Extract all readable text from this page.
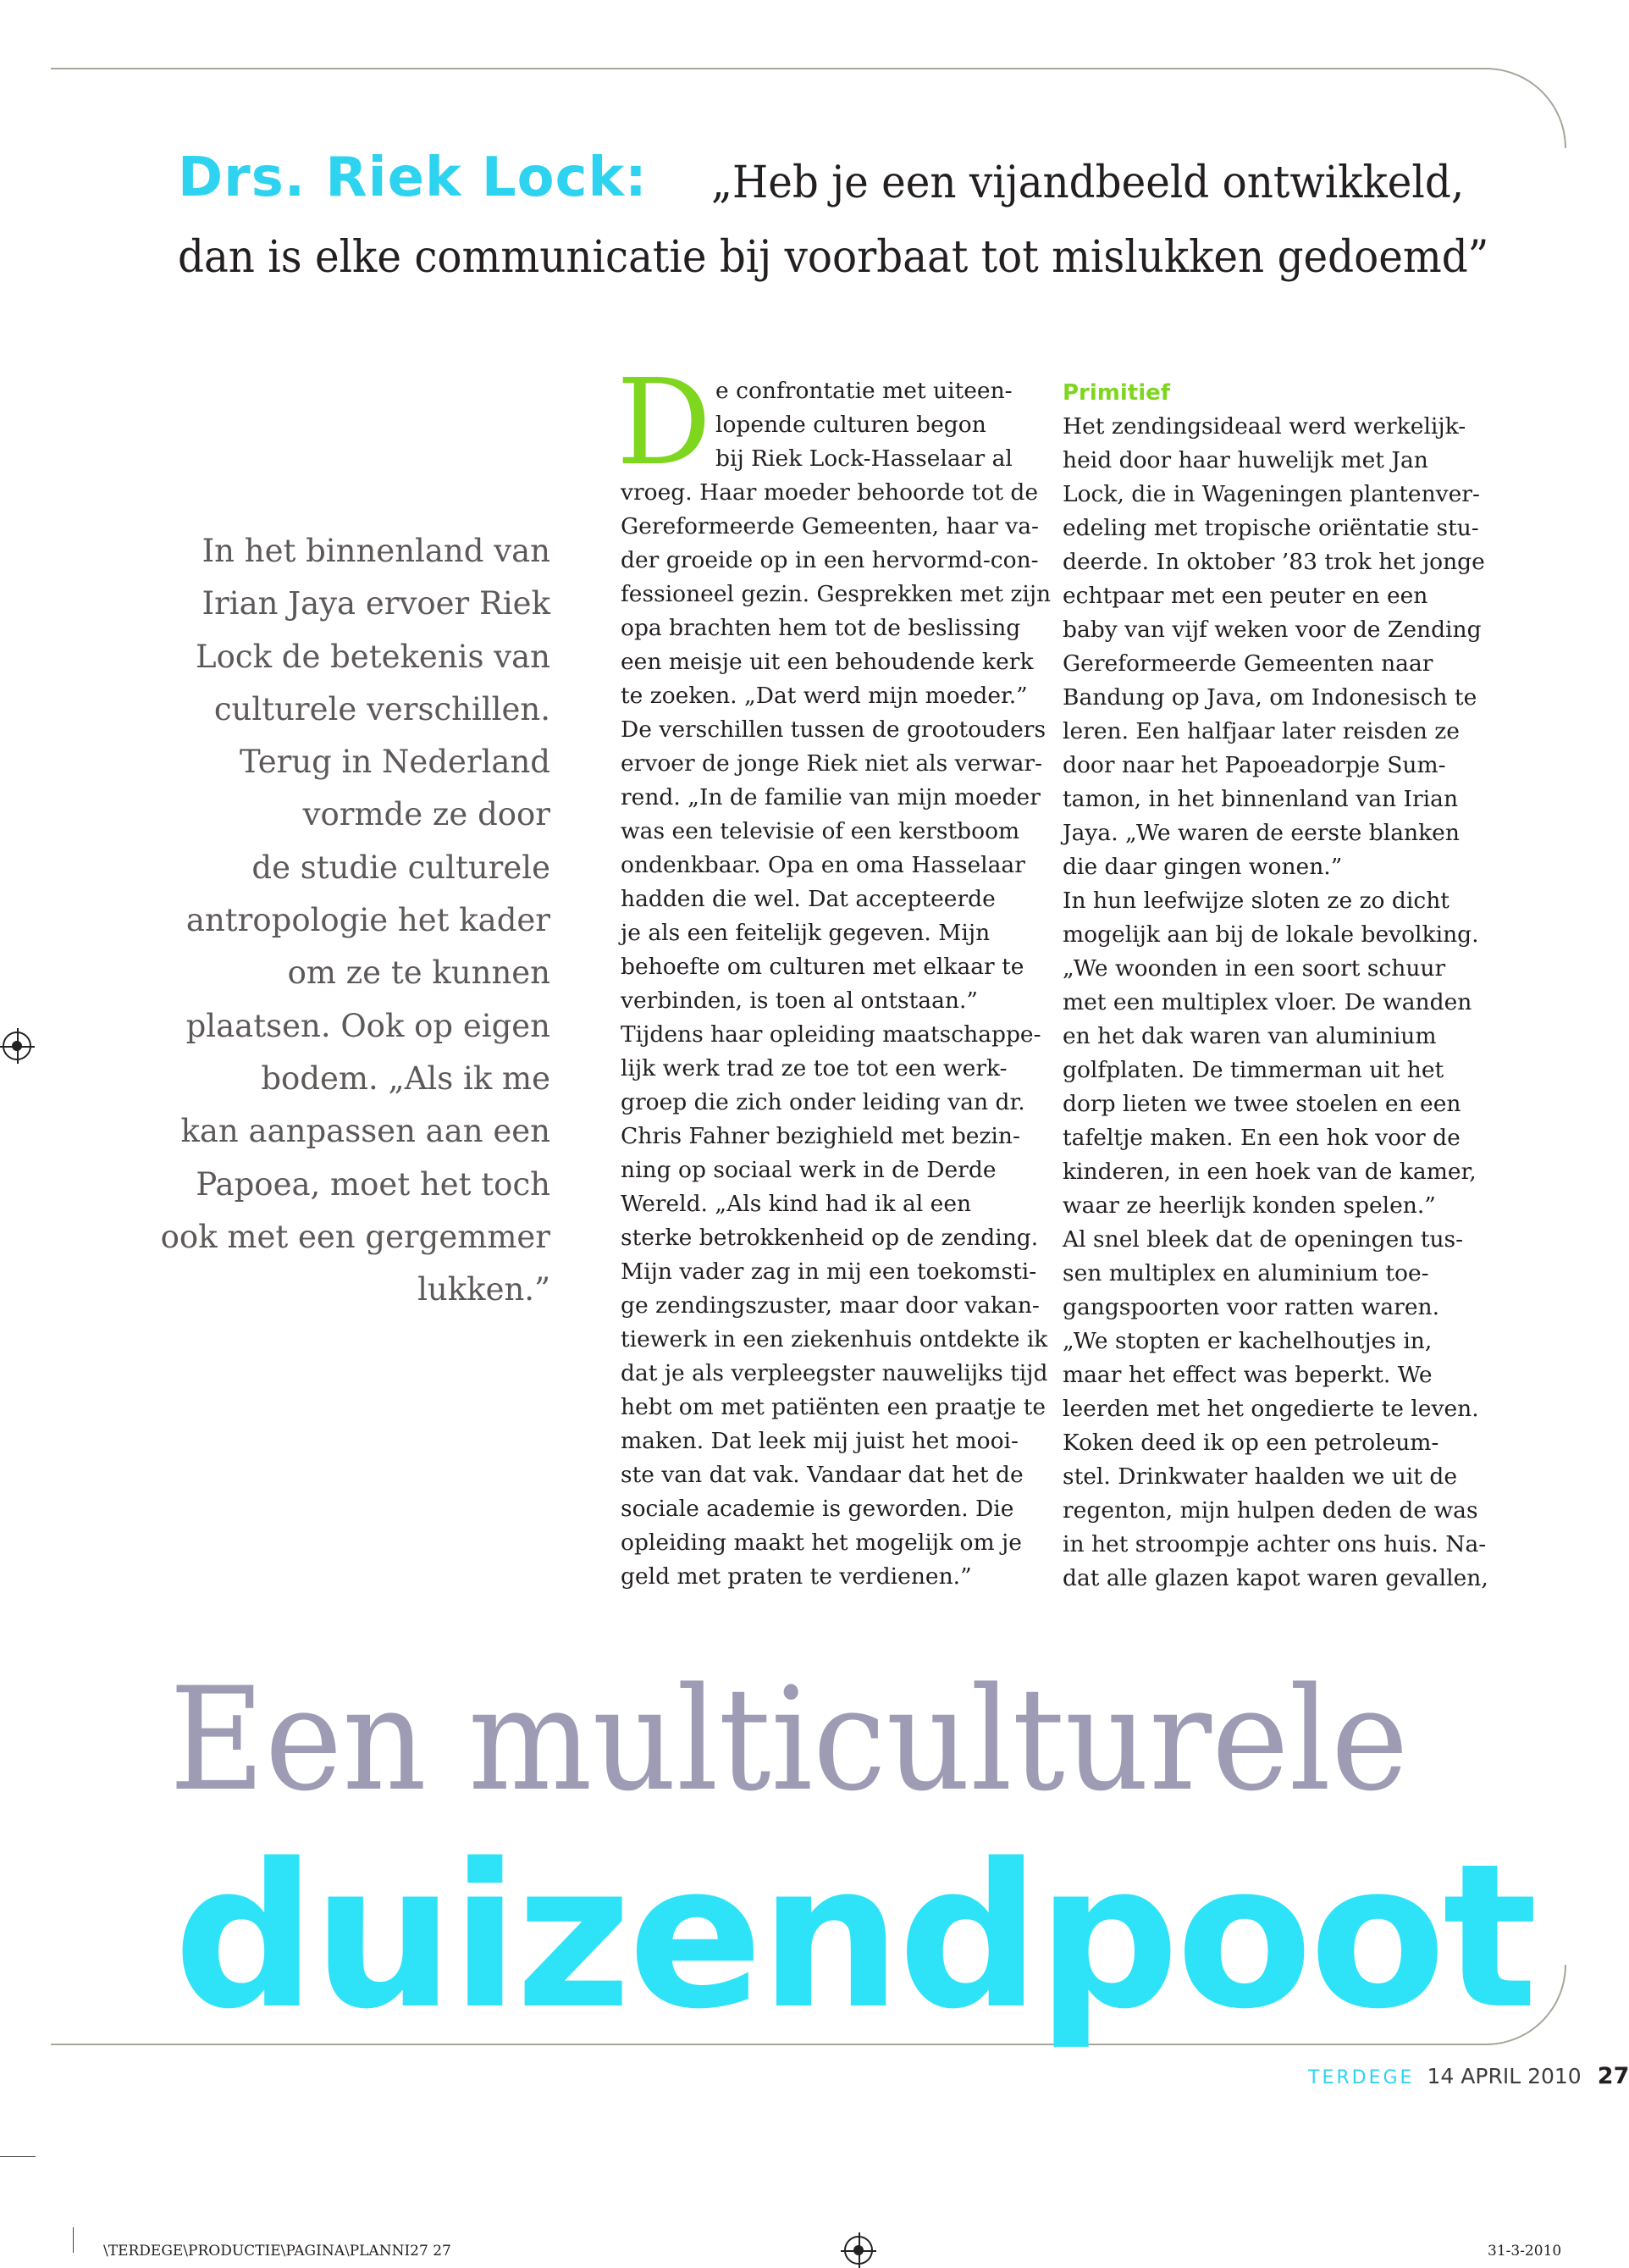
Drs. Riek Lock: „Heb je een vijandbeeld ontwikkeld,
dan is elke communicatie bij voorbaat tot mislukken gedoemd”
In het binnenland van
Irian Jaya ervoer Riek
Lock de betekenis van
culturele verschillen.
Terug in Nederland
vormde ze door
de studie culturele
antropologie het kader
om ze te kunnen
plaatsen. Ook op eigen
bodem. „Als ik me
kan aanpassen aan een
Papoea, moet het toch
ook met een gergemmer
lukken.”
D e confrontatie met uiteen-
lopende culturen begon
bij Riek Lock-Hasselaar al
vroeg. Haar moeder behoorde tot de
Gereformeerde Gemeenten, haar va-
der groeide op in een hervormd-con-
fessioneel gezin. Gesprekken met zijn
opa brachten hem tot de beslissing
een meisje uit een behoudende kerk
te zoeken. „Dat werd mijn moeder.”
De verschillen tussen de grootouders
ervoer de jonge Riek niet als verwar-
rend. „In de familie van mijn moeder
was een televisie of een kerstboom
ondenkbaar. Opa en oma Hasselaar
hadden die wel. Dat accepteerde
je als een feitelijk gegeven. Mijn
behoefte om culturen met elkaar te
verbinden, is toen al ontstaan.”
Tijdens haar opleiding maatschappe-
lijk werk trad ze toe tot een werk-
groep die zich onder leiding van dr.
Chris Fahner bezighield met bezin-
ning op sociaal werk in de Derde
Wereld. „Als kind had ik al een
sterke betrokkenheid op de zending.
Mijn vader zag in mij een toekomsti-
ge zendingszuster, maar door vakan-
tiewerk in een ziekenhuis ontdekte ik
dat je als verpleegster nauwelijks tijd
hebt om met patiënten een praatje te
maken. Dat leek mij juist het mooi-
ste van dat vak. Vandaar dat het de
sociale academie is geworden. Die
opleiding maakt het mogelijk om je
geld met praten te verdienen.”
Primitief
Het zendingsideaal werd werkelijk-
heid door haar huwelijk met Jan
Lock, die in Wageningen plantenver-
edeling met tropische oriëntatie stu-
deerde. In oktober ’83 trok het jonge
echtpaar met een peuter en een
baby van vijf weken voor de Zending
Gereformeerde Gemeenten naar
Bandung op Java, om Indonesisch te
leren. Een halfjaar later reisden ze
door naar het Papoeadorpje Sum-
tamon, in het binnenland van Irian
Jaya. „We waren de eerste blanken
die daar gingen wonen.”
In hun leefwijze sloten ze zo dicht
mogelijk aan bij de lokale bevolking.
„We woonden in een soort schuur
met een multiplex vloer. De wanden
en het dak waren van aluminium
golfplaten. De timmerman uit het
dorp lieten we twee stoelen en een
tafeltje maken. En een hok voor de
kinderen, in een hoek van de kamer,
waar ze heerlijk konden spelen.”
Al snel bleek dat de openingen tus-
sen multiplex en aluminium toe-
gangspoorten voor ratten waren.
„We stopten er kachelhoutjes in,
maar het effect was beperkt. We
leerden met het ongedierte te leven.
Koken deed ik op een petroleum-
stel. Drinkwater haalden we uit de
regenton, mijn hulpen deden de was
in het stroompje achter ons huis. Na-
dat alle glazen kapot waren gevallen,
Een multiculturele
duizendpoot
TERDEGE 14 APRIL 2010 27
\TERDEGE\PRODUCTIE\PAGINA\PLANNI27 27	31-3-2010
